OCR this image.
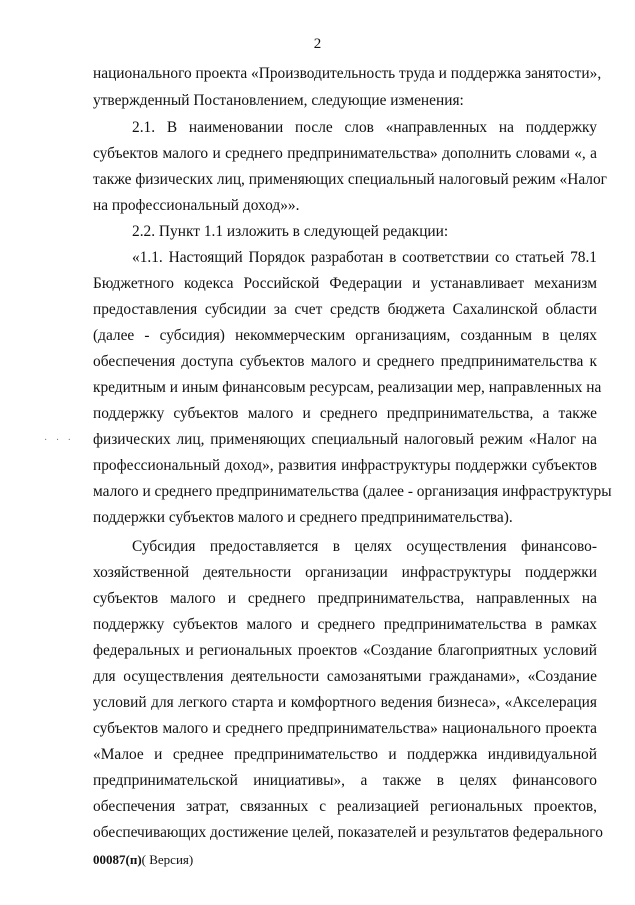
2
национального проекта «Производительность труда и поддержка занятости»,
утвержденный Постановлением, следующие изменения:
2.1. В наименовании после слов «направленных на поддержку
субъектов малого и среднего предпринимательства» дополнить словами «, а
также физических лиц, применяющих специальный налоговый режим «Налог
на профессиональный доход»».
2.2. Пункт 1.1 изложить в следующей редакции:
«1.1. Настоящий Порядок разработан в соответствии со статьей 78.1
Бюджетного кодекса Российской Федерации и устанавливает механизм
предоставления субсидии за счет средств бюджета Сахалинской области
(далее - субсидия) некоммерческим организациям, созданным в целях
обеспечения доступа субъектов малого и среднего предпринимательства к
кредитным и иным финансовым ресурсам, реализации мер, направленных на
поддержку субъектов малого и среднего предпринимательства, а также
физических лиц, применяющих специальный налоговый режим «Налог на
профессиональный доход», развития инфраструктуры поддержки субъектов
малого и среднего предпринимательства (далее - организация инфраструктуры
поддержки субъектов малого и среднего предпринимательства).
Субсидия предоставляется в целях осуществления финансово-
хозяйственной деятельности организации инфраструктуры поддержки
субъектов малого и среднего предпринимательства, направленных на
поддержку субъектов малого и среднего предпринимательства в рамках
федеральных и региональных проектов «Создание благоприятных условий
для осуществления деятельности самозанятыми гражданами», «Создание
условий для легкого старта и комфортного ведения бизнеса», «Акселерация
субъектов малого и среднего предпринимательства» национального проекта
«Малое и среднее предпринимательство и поддержка индивидуальной
предпринимательской инициативы», а также в целях финансового
обеспечения затрат, связанных с реализацией региональных проектов,
обеспечивающих достижение целей, показателей и результатов федерального
· · ·
00087(п)( Версия)
